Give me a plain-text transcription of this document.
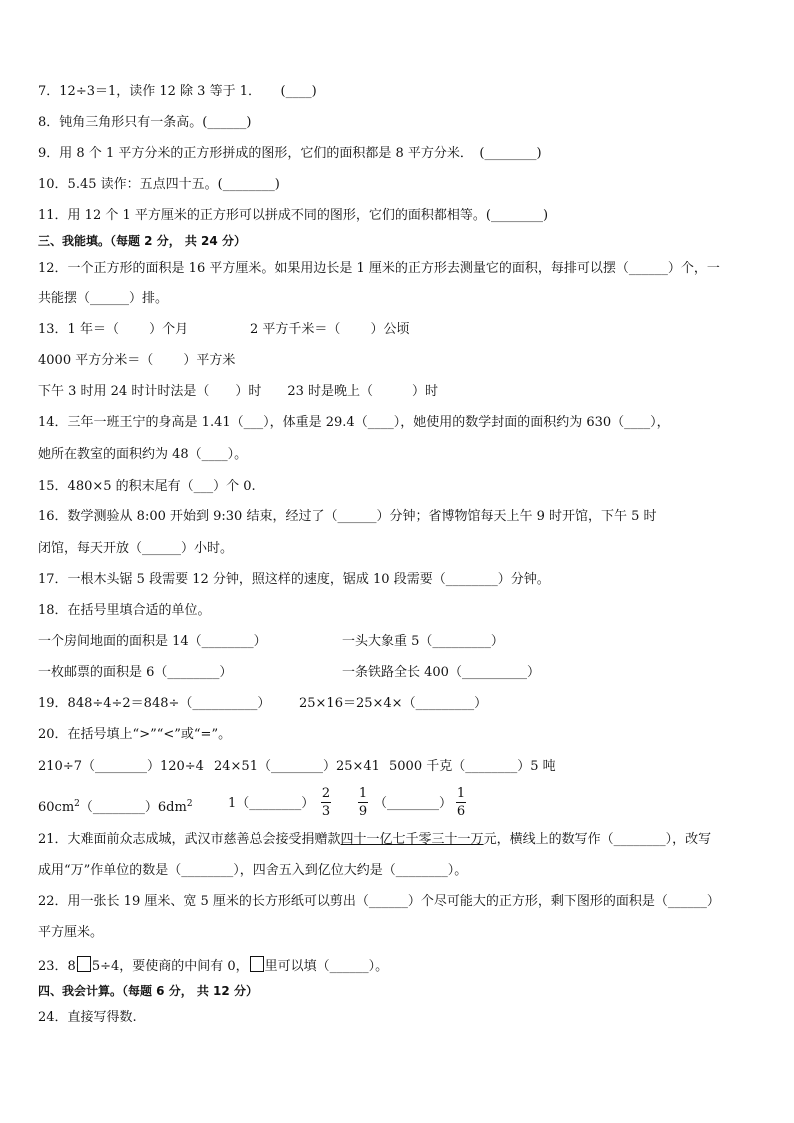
7．12÷3＝1，读作 12 除 3 等于 1．　　(____)
8．钝角三角形只有一条高。(______)
9．用 8 个 1 平方分米的正方形拼成的图形，它们的面积都是 8 平方分米．　(________)
10．5.45 读作：五点四十五。(________)
11．用 12 个 1 平方厘米的正方形可以拼成不同的图形，它们的面积都相等。(________)
三、我能填。（每题 2 分， 共 24 分）
12．一个正方形的面积是 16 平方厘米。如果用边长是 1 厘米的正方形去测量它的面积，每排可以摆（______）个，一
共能摆（______）排。
13．1 年＝（　　 ）个月	2 平方千米＝（　　 ）公顷
4000 平方分米＝（　　 ）平方米
下午 3 时用 24 时计时法是（　　）时　　23 时是晚上（　　　）时
14．三年一班王宁的身高是 1.41（___），体重是 29.4（____），她使用的数学封面的面积约为 630（____），
她所在教室的面积约为 48（____）。
15．480×5 的积末尾有（___）个 0.
16．数学测验从 8:00 开始到 9:30 结束，经过了（______）分钟；省博物馆每天上午 9 时开馆，下午 5 时
闭馆，每天开放（______）小时。
17．一根木头锯 5 段需要 12 分钟，照这样的速度，锯成 10 段需要（________）分钟。
18．在括号里填合适的单位。
一个房间地面的面积是 14（________）	一头大象重 5（_________）
一枚邮票的面积是 6（________）	一条铁路全长 400（__________）
19．848÷4÷2＝848÷（__________） 25×16＝25×4×（_________）
20．在括号填上“>”“<”或“=”。
210÷7（________）120÷4 24×51（________）25×41 5000 千克（________）5 吨
$60cm^2(\_\_\_\_\_\_\_\_)6dm^2$	1（________）
2
3
1
9
（________）
1
6
21．大难面前众志成城，武汉市慈善总会接受捐赠款四十一亿七千零三十一万元，横线上的数写作（________），改写
成用“万”作单位的数是（________），四舍五入到亿位大约是（________）。
22．用一张长 19 厘米、宽 5 厘米的长方形纸可以剪出（______）个尽可能大的正方形，剩下图形的面积是（______）
平方厘米。
23．8 5÷4，要使商的中间有 0， 里可以填（______）。
四、我会计算。（每题 6 分， 共 12 分）
24．直接写得数.
